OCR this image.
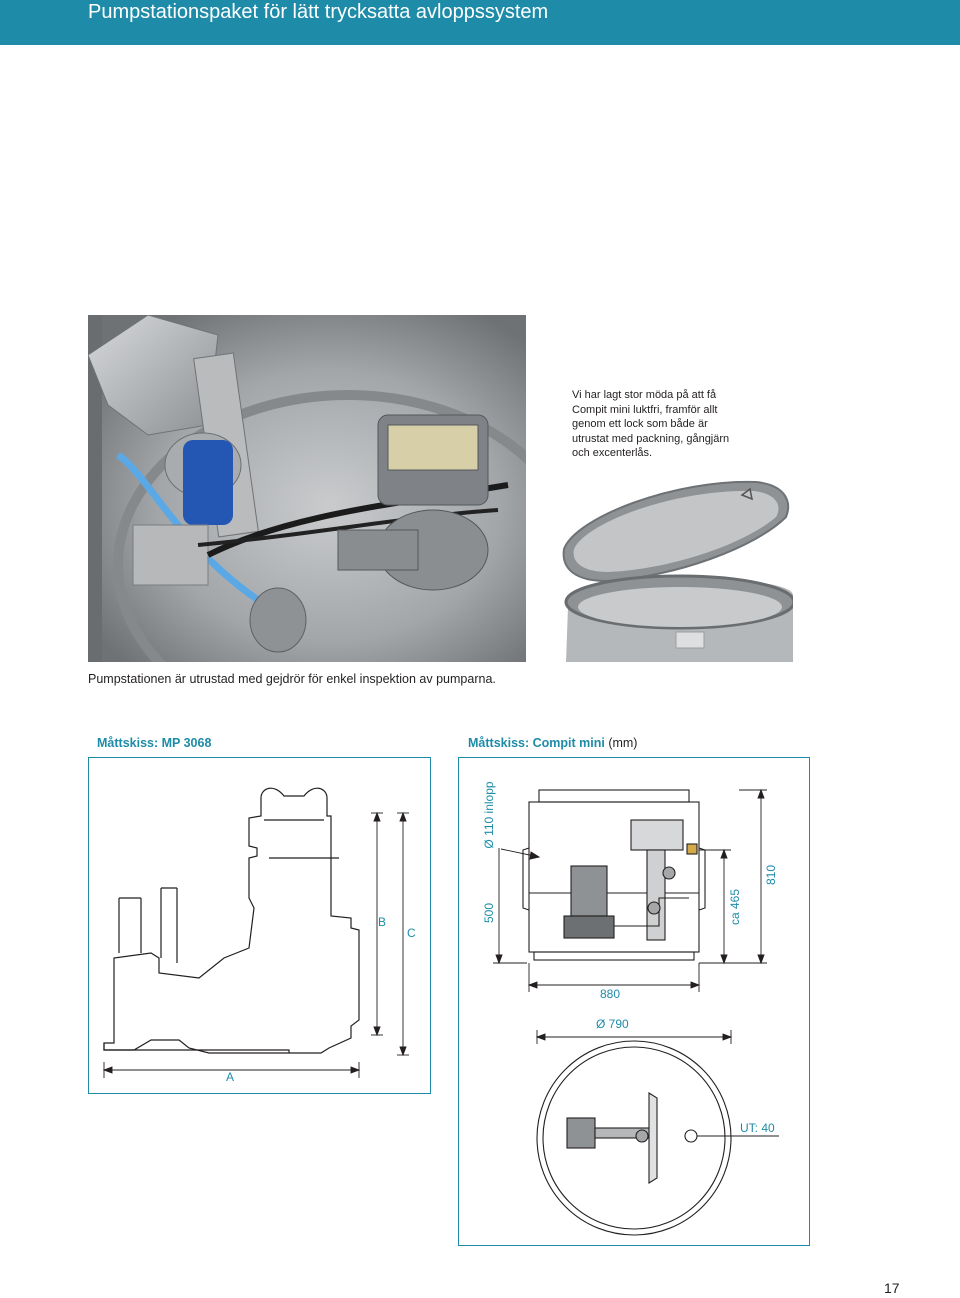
Pumpstationspaket för lätt trycksatta avloppssystem
Vi har lagt stor möda på att få Compit mini luktfri, framför allt genom ett lock som både är utrustat med packning, gångjärn och excenterlås.
Pumpstationen är utrustad med gejdrör för enkel inspektion av pumparna.
Måttskiss: MP 3068	Måttskiss: Compit mini (mm)
B
C
A
Ø 110 inlopp
500	ca 465
810
880
Ø 790
UT: 40
17
